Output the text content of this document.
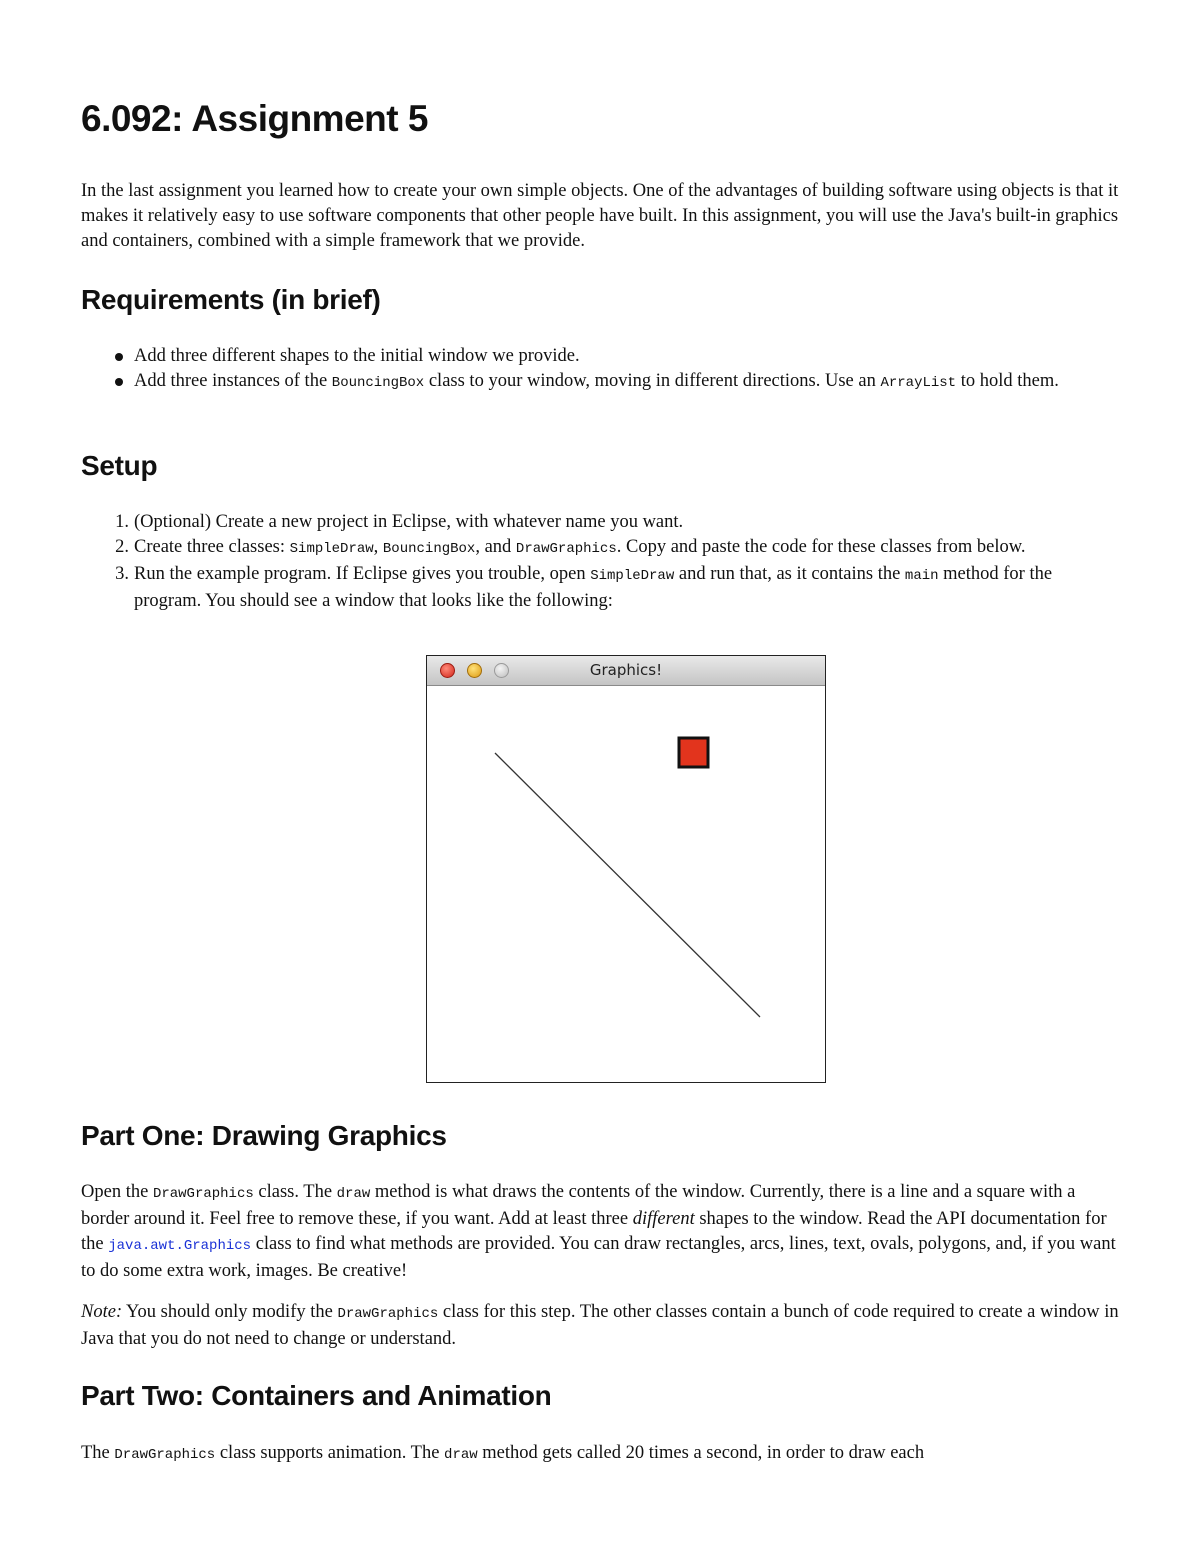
6.092: Assignment 5

In the last assignment you learned how to create your own simple objects. One of the advantages of building software using objects is that it makes it relatively easy to use software components that other people have built. In this assignment, you will use the Java's built-in graphics and containers, combined with a simple framework that we provide.

Requirements (in brief)
Add three different shapes to the initial window we provide.
Add three instances of the BouncingBox class to your window, moving in different directions. Use an ArrayList to hold them.
Setup
1. (Optional) Create a new project in Eclipse, with whatever name you want.
2. Create three classes: SimpleDraw, BouncingBox, and DrawGraphics. Copy and paste the code for these classes from below.
3. Run the example program. If Eclipse gives you trouble, open SimpleDraw and run that, as it contains the main method for the program. You should see a window that looks like the following:
Part One: Drawing Graphics

Open the DrawGraphics class. The draw method is what draws the contents of the window. Currently, there is a line and a square with a border around it. Feel free to remove these, if you want. Add at least three different shapes to the window. Read the API documentation for the java.awt.Graphics class to find what methods are provided. You can draw rectangles, arcs, lines, text, ovals, polygons, and, if you want to do some extra work, images. Be creative!

Note: You should only modify the DrawGraphics class for this step. The other classes contain a bunch of code required to create a window in Java that you do not need to change or understand.

Part Two: Containers and Animation

The DrawGraphics class supports animation. The draw method gets called 20 times a second, in order to draw each

Graphics!
